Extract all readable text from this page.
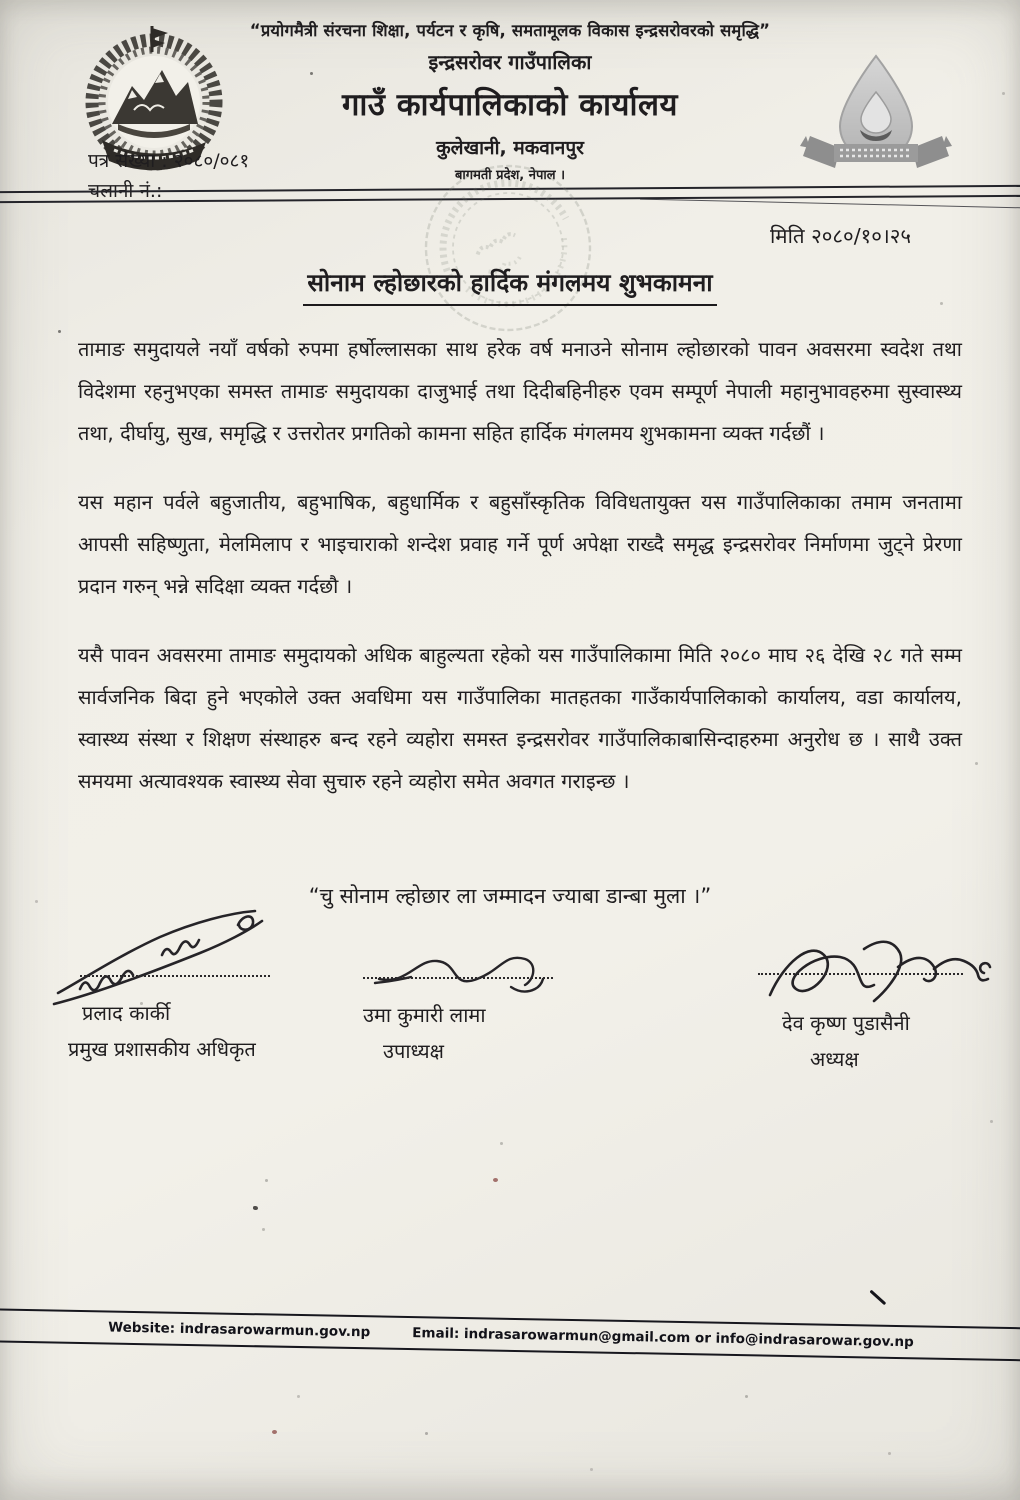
“प्रयोगमैत्री संरचना शिक्षा, पर्यटन र कृषि, समतामूलक विकास इन्द्रसरोवरको समृद्धि”
इन्द्रसरोवर गाउँपालिका
गाउँ कार्यपालिकाको कार्यालय
कुलेखानी, मकवानपुर
बागमती प्रदेश, नेपाल ।
पत्र संख्या : २०८०/०८१
चलानी नं.:
मिति २०८०/१०।२५
सोनाम ल्होछारको हार्दिक मंगलमय शुभकामना

तामाङ समुदायले नयाँ वर्षको रुपमा हर्षोल्लासका साथ हरेक वर्ष मनाउने सोनाम ल्होछारको पावन अवसरमा स्वदेश तथा विदेशमा रहनुभएका समस्त तामाङ समुदायका दाजुभाई तथा दिदीबहिनीहरु एवम सम्पूर्ण नेपाली महानुभावहरुमा सुस्वास्थ्य तथा, दीर्घायु, सुख, समृद्धि र उत्तरोतर प्रगतिको कामना सहित हार्दिक मंगलमय शुभकामना व्यक्त गर्दछौं ।

यस महान पर्वले बहुजातीय, बहुभाषिक, बहुधार्मिक र बहुसाँस्कृतिक विविधतायुक्त यस गाउँपालिकाका तमाम जनतामा आपसी सहिष्णुता, मेलमिलाप र भाइचाराको शन्देश प्रवाह गर्ने पूर्ण अपेक्षा राख्दै समृद्ध इन्द्रसरोवर निर्माणमा जुट्ने प्रेरणा प्रदान गरुन् भन्ने सदिक्षा व्यक्त गर्दछौ ।

यसै पावन अवसरमा तामाङ समुदायको अधिक बाहुल्यता रहेको यस गाउँपालिकामा मिति २०८० माघ २६ देखि २८ गते सम्म सार्वजनिक बिदा हुने भएकोले उक्त अवधिमा यस गाउँपालिका मातहतका गाउँकार्यपालिकाको कार्यालय, वडा कार्यालय, स्वास्थ्य संस्था र शिक्षण संस्थाहरु बन्द रहने व्यहोरा समस्त इन्द्रसरोवर गाउँपालिकाबासिन्दाहरुमा अनुरोध छ । साथै उक्त समयमा अत्यावश्यक स्वास्थ्य सेवा सुचारु रहने व्यहोरा समेत अवगत गराइन्छ ।

“चु सोनाम ल्होछार ला जम्मादन ज्याबा डान्बा मुला ।”
प्रलाद कार्की
प्रमुख प्रशासकीय अधिकृत
उमा कुमारी लामा
उपाध्यक्ष
देव कृष्ण पुडासैनी
अध्यक्ष
Website: indrasarowarmun.gov.np	Email: indrasarowarmun@gmail.com or info@indrasarowar.gov.np
